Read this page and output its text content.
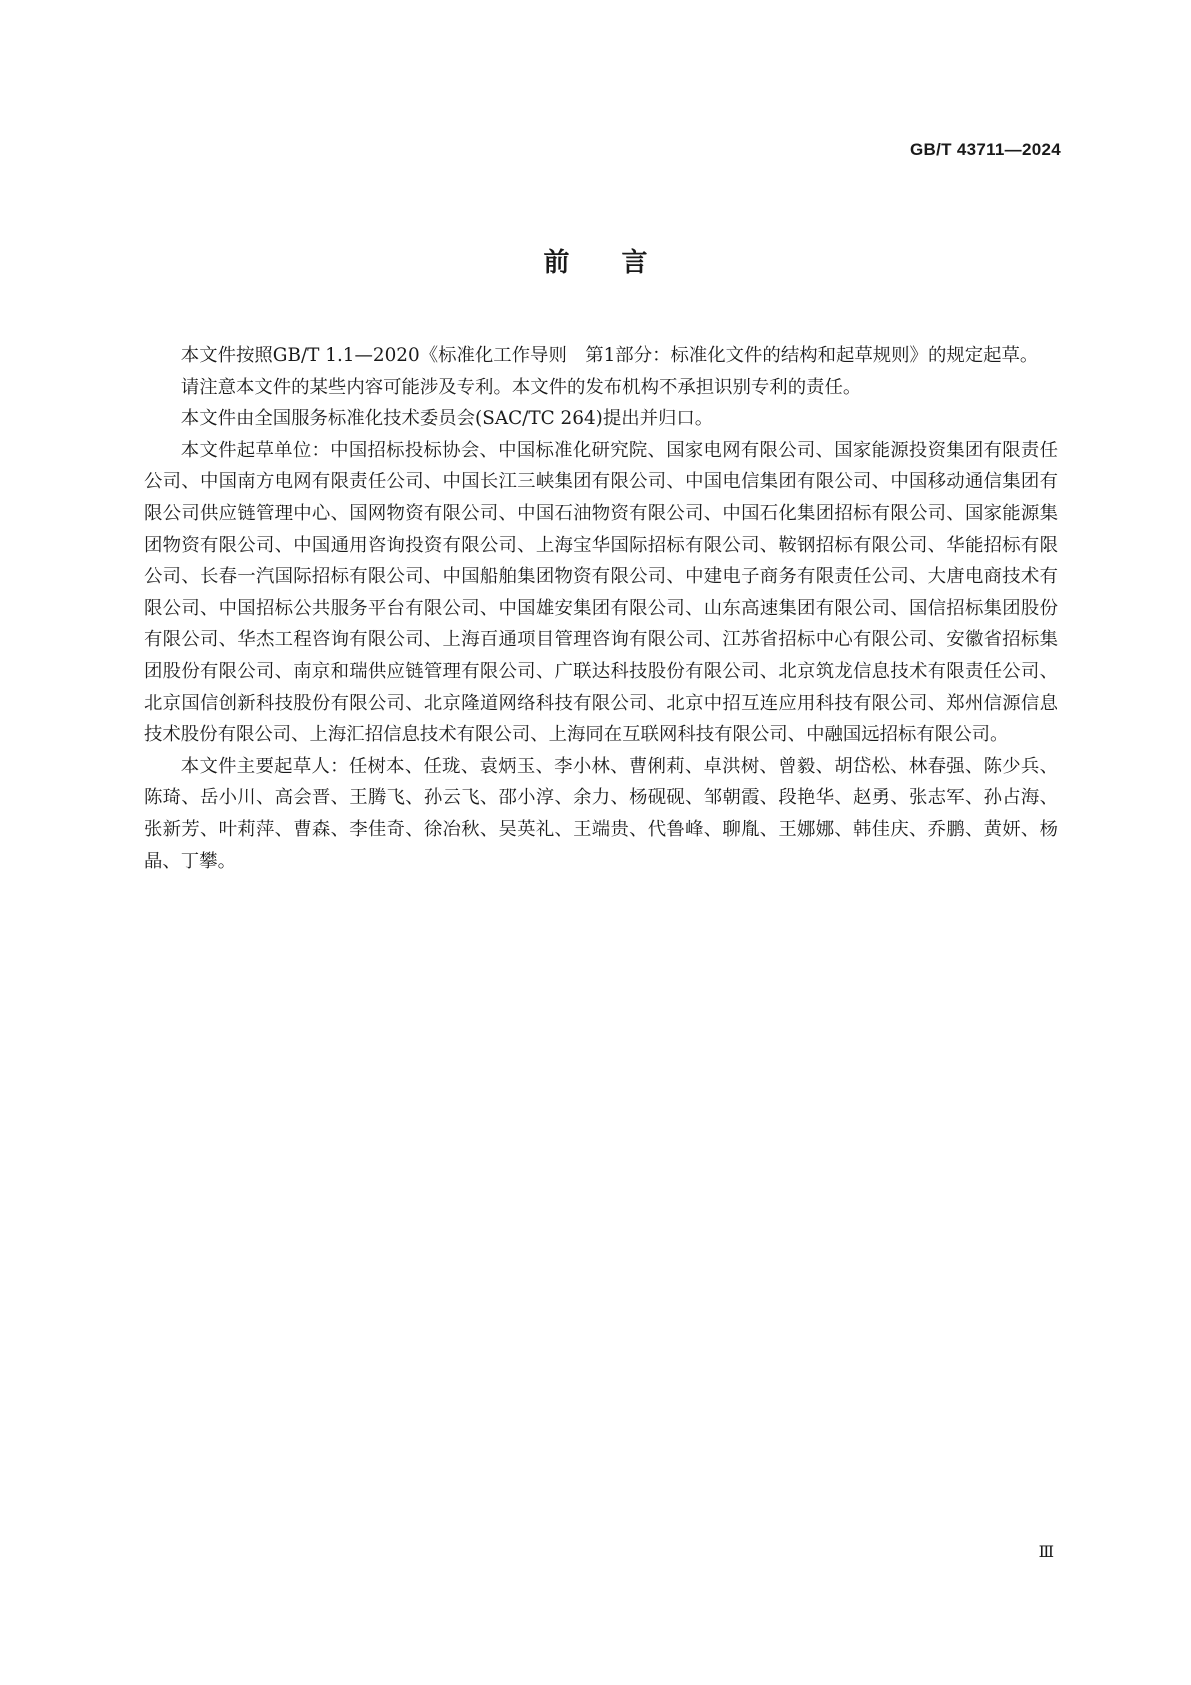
GB/T 43711—2024
前言

本文件按照GB/T 1.1—2020《标准化工作导则　第1部分：标准化文件的结构和起草规则》的规定起草。

请注意本文件的某些内容可能涉及专利。本文件的发布机构不承担识别专利的责任。

本文件由全国服务标准化技术委员会(SAC/TC 264)提出并归口。

本文件起草单位：中国招标投标协会、中国标准化研究院、国家电网有限公司、国家能源投资集团有限责任公司、中国南方电网有限责任公司、中国长江三峡集团有限公司、中国电信集团有限公司、中国移动通信集团有限公司供应链管理中心、国网物资有限公司、中国石油物资有限公司、中国石化集团招标有限公司、国家能源集团物资有限公司、中国通用咨询投资有限公司、上海宝华国际招标有限公司、鞍钢招标有限公司、华能招标有限公司、长春一汽国际招标有限公司、中国船舶集团物资有限公司、中建电子商务有限责任公司、大唐电商技术有限公司、中国招标公共服务平台有限公司、中国雄安集团有限公司、山东高速集团有限公司、国信招标集团股份有限公司、华杰工程咨询有限公司、上海百通项目管理咨询有限公司、江苏省招标中心有限公司、安徽省招标集团股份有限公司、南京和瑞供应链管理有限公司、广联达科技股份有限公司、北京筑龙信息技术有限责任公司、北京国信创新科技股份有限公司、北京隆道网络科技有限公司、北京中招互连应用科技有限公司、郑州信源信息技术股份有限公司、上海汇招信息技术有限公司、上海同在互联网科技有限公司、中融国远招标有限公司。

本文件主要起草人：任树本、任珑、袁炳玉、李小林、曹俐莉、卓洪树、曾毅、胡岱松、林春强、陈少兵、陈琦、岳小川、高会晋、王腾飞、孙云飞、邵小淳、余力、杨砚砚、邹朝霞、段艳华、赵勇、张志军、孙占海、张新芳、叶莉萍、曹森、李佳奇、徐冶秋、吴英礼、王端贵、代鲁峰、聊胤、王娜娜、韩佳庆、乔鹏、黄妍、杨晶、丁攀。

Ⅲ
